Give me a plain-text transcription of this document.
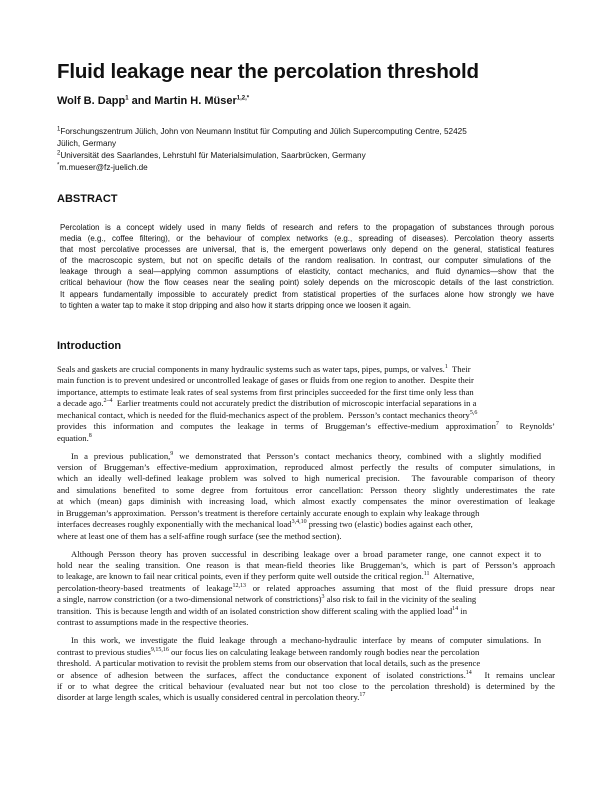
Fluid leakage near the percolation threshold
Wolf B. Dapp$^1$ and Martin H. Müser$^{1,2,*}$
$^1$Forschungszentrum Jülich, John von Neumann Institut für Computing and Jülich Supercomputing Centre, 52425
Jülich, Germany
$^2$Universität des Saarlandes, Lehrstuhl für Materialsimulation, Saarbrücken, Germany
*m.mueser@fz-juelich.de
ABSTRACT
Percolation is a concept widely used in many fields of research and refers to the propagation of substances through porous
media (e.g., coffee filtering), or the behaviour of complex networks (e.g., spreading of diseases). Percolation theory asserts
that most percolative processes are universal, that is, the emergent powerlaws only depend on the general, statistical features
of the macroscopic system, but not on specific details of the random realisation. In contrast, our computer simulations of the
leakage through a seal—applying common assumptions of elasticity, contact mechanics, and fluid dynamics—show that the
critical behaviour (how the flow ceases near the sealing point) solely depends on the microscopic details of the last constriction.
It appears fundamentally impossible to accurately predict from statistical properties of the surfaces alone how strongly we have
to tighten a water tap to make it stop dripping and also how it starts dripping once we loosen it again.
Introduction
Seals and gaskets are crucial components in many hydraulic systems such as water taps, pipes, pumps, or valves.$^1$  Their
main function is to prevent undesired or uncontrolled leakage of gases or fluids from one region to another.  Despite their
importance, attempts to estimate leak rates of seal systems from first principles succeeded for the first time only less than
a decade ago.$^{2-4}$  Earlier treatments could not accurately predict the distribution of microscopic interfacial separations in a
mechanical contact, which is needed for the fluid-mechanics aspect of the problem.  Persson’s contact mechanics theory$^{5,6}$
provides this information and computes the leakage in terms of Bruggeman’s effective-medium approximation$^7$ to Reynolds’
equation.$^8$
In a previous publication,$^9$ we demonstrated that Persson’s contact mechanics theory, combined with a slightly modified
version of Bruggeman’s effective-medium approximation, reproduced almost perfectly the results of computer simulations, in
which an ideally well-defined leakage problem was solved to high numerical precision.  The favourable comparison of theory
and simulations benefited to some degree from fortuitous error cancellation: Persson theory slightly underestimates the rate
at which (mean) gaps diminish with increasing load, which almost exactly compensates the minor overestimation of leakage
in Bruggeman’s approximation.  Persson’s treatment is therefore certainly accurate enough to explain why leakage through
interfaces decreases roughly exponentially with the mechanical load$^{3,4,10}$ pressing two (elastic) bodies against each other,
where at least one of them has a self-affine rough surface (see the method section).
Although Persson theory has proven successful in describing leakage over a broad parameter range, one cannot expect it to
hold near the sealing transition. One reason is that mean-field theories like Bruggeman’s, which is part of Persson’s approach
to leakage, are known to fail near critical points, even if they perform quite well outside the critical region.$^{11}$  Alternative,
percolation-theory-based treatments of leakage$^{12,13}$ or related approaches assuming that most of the fluid pressure drops near
a single, narrow constriction (or a two-dimensional network of constrictions)$^3$ also risk to fail in the vicinity of the sealing
transition.  This is because length and width of an isolated constriction show different scaling with the applied load$^{14}$ in
contrast to assumptions made in the respective theories.
In this work, we investigate the fluid leakage through a mechano-hydraulic interface by means of computer simulations. In
contrast to previous studies$^{9,15,16}$ our focus lies on calculating leakage between randomly rough bodies near the percolation
threshold.  A particular motivation to revisit the problem stems from our observation that local details, such as the presence
or absence of adhesion between the surfaces, affect the conductance exponent of isolated constrictions.$^{14}$  It remains unclear
if or to what degree the critical behaviour (evaluated near but not too close to the percolation threshold) is determined by the
disorder at large length scales, which is usually considered central in percolation theory.$^{17}$
